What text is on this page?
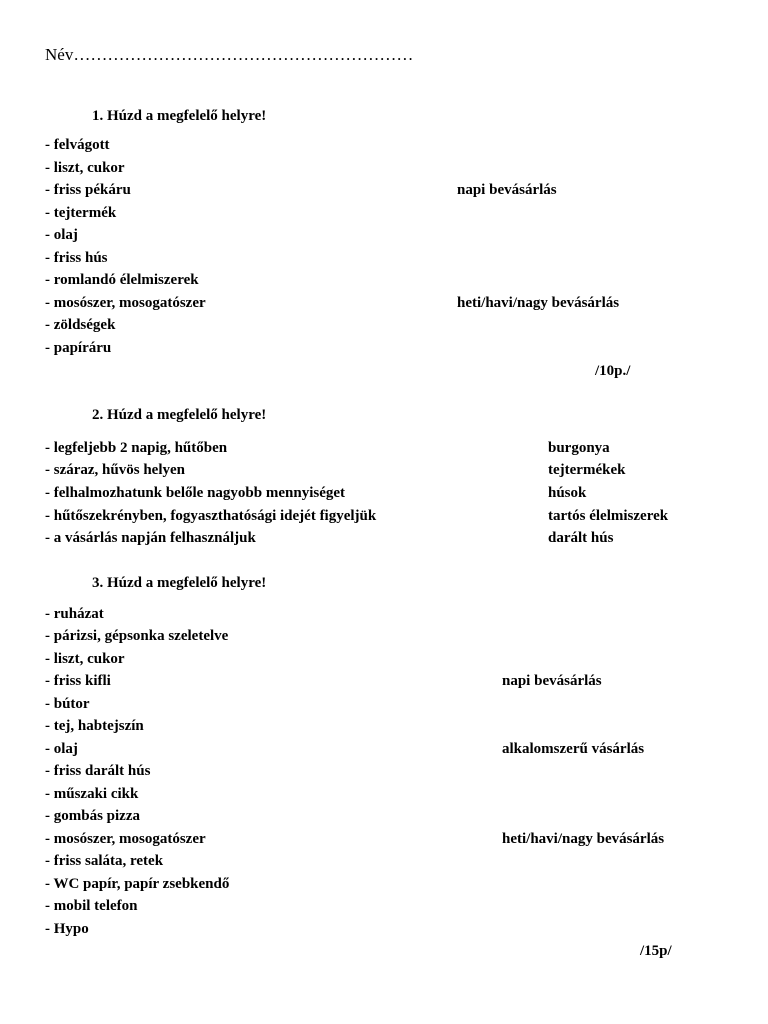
Név……………………………………………………
1. Húzd a megfelelő helyre!
- felvágott
- liszt, cukor
- friss pékáru
- tejtermék
- olaj
- friss hús
- romlandó élelmiszerek
- mosószer, mosogatószer
- zöldségek
- papíráru
napi bevásárlás
heti/havi/nagy bevásárlás
/10p./
2. Húzd a megfelelő helyre!
- legfeljebb 2 napig, hűtőben
- száraz, hűvös helyen
- felhalmozhatunk belőle nagyobb mennyiséget
- hűtőszekrényben, fogyaszthatósági idejét figyeljük
- a vásárlás napján felhasználjuk
burgonya
tejtermékek
húsok
tartós élelmiszerek
darált hús
3. Húzd a megfelelő helyre!
- ruházat
- párizsi, gépsonka szeletelve
- liszt, cukor
- friss kifli
- bútor
- tej, habtejszín
- olaj
- friss darált hús
- műszaki cikk
- gombás pizza
- mosószer, mosogatószer
- friss saláta, retek
- WC papír, papír zsebkendő
- mobil telefon
- Hypo
napi bevásárlás
alkalomszerű vásárlás
heti/havi/nagy bevásárlás
/15p/
